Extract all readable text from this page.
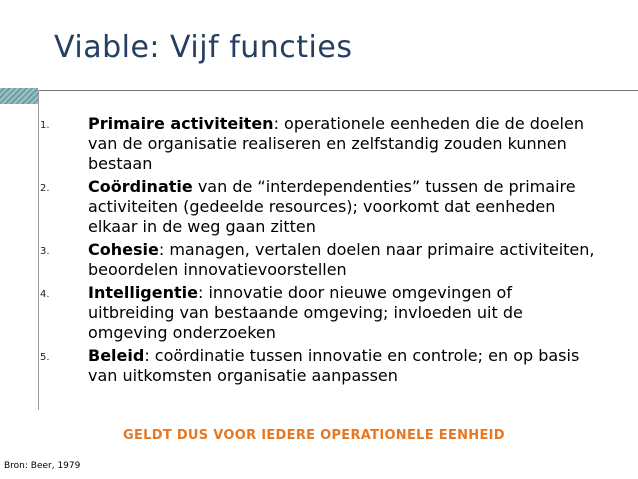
Viable: Vijf functies
1.	Primaire activiteiten: operationele eenheden die de doelen van de organisatie realiseren en zelfstandig zouden kunnen bestaan
2.	Coördinatie van de “interdependenties” tussen de primaire activiteiten (gedeelde resources); voorkomt dat eenheden elkaar in de weg gaan zitten
3.	Cohesie: managen, vertalen doelen naar primaire activiteiten, beoordelen innovatievoorstellen
4.	Intelligentie: innovatie door nieuwe omgevingen of uitbreiding van bestaande omgeving; invloeden uit de omgeving onderzoeken
5.	Beleid: coördinatie tussen innovatie en controle; en op basis van uitkomsten organisatie aanpassen
GELDT DUS VOOR IEDERE OPERATIONELE EENHEID
Bron: Beer, 1979
